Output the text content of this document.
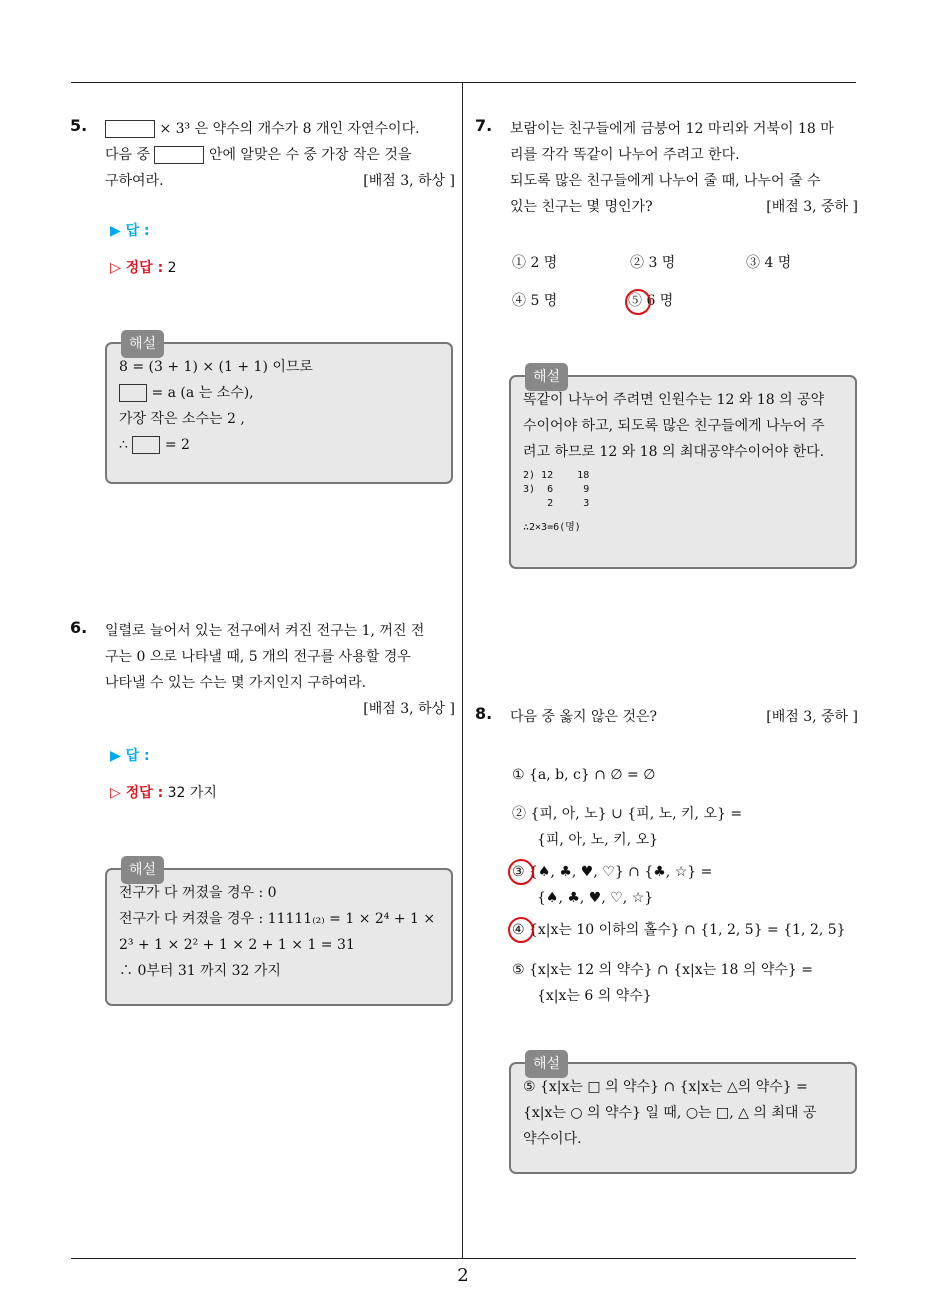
5.	× 3³ 은 약수의 개수가 8 개인 자연수이다.
다음 중	안에 알맞은 수 중 가장 작은 것을
구하여라.	[배점 3, 하상 ]
▶ 답 :
▷ 정답 : 2
해설
8 = (3 + 1) × (1 + 1) 이므로
= a (a 는 소수),
가장 작은 소수는 2 ,
∴	= 2
6. 일렬로 늘어서 있는 전구에서 켜진 전구는 1, 꺼진 전
구는 0 으로 나타낼 때, 5 개의 전구를 사용할 경우
나타낼 수 있는 수는 몇 가지인지 구하여라.
[배점 3, 하상 ]
▶ 답 :
▷ 정답 : 32 가지
해설
전구가 다 꺼졌을 경우 : 0
전구가 다 켜졌을 경우 : 11111₍₂₎ = 1 × 2⁴ + 1 ×
2³ + 1 × 2² + 1 × 2 + 1 × 1 = 31
∴ 0부터 31 까지 32 가지
7. 보람이는 친구들에게 금붕어 12 마리와 거북이 18 마
리를 각각 똑같이 나누어 주려고 한다.
되도록 많은 친구들에게 나누어 줄 때, 나누어 줄 수
있는 친구는 몇 명인가?	[배점 3, 중하 ]
① 2 명	② 3 명	③ 4 명
④ 5 명	⑤ 6 명
해설
똑같이 나누어 주려면 인원수는 12 와 18 의 공약
수이어야 하고, 되도록 많은 친구들에게 나누어 주
려고 하므로 12 와 18 의 최대공약수이어야 한다.
2) 12    18
3)  6     9
2     3
∴2×3=6(명)
8. 다음 중 옳지 않은 것은?	[배점 3, 중하 ]
① {a, b, c} ∩ ∅ = ∅
② {피, 아, 노} ∪ {피, 노, 키, 오} =
{피, 아, 노, 키, 오}
③ {♠, ♣, ♥, ♡} ∩ {♣, ☆} =
{♠, ♣, ♥, ♡, ☆}
④ {x|x는 10 이하의 홀수} ∩ {1, 2, 5} = {1, 2, 5}
⑤ {x|x는 12 의 약수} ∩ {x|x는 18 의 약수} =
{x|x는 6 의 약수}
해설
⑤ {x|x는 □ 의 약수} ∩ {x|x는 △의 약수} =
{x|x는 ○ 의 약수} 일 때, ○는 □, △ 의 최대 공
약수이다.
2
